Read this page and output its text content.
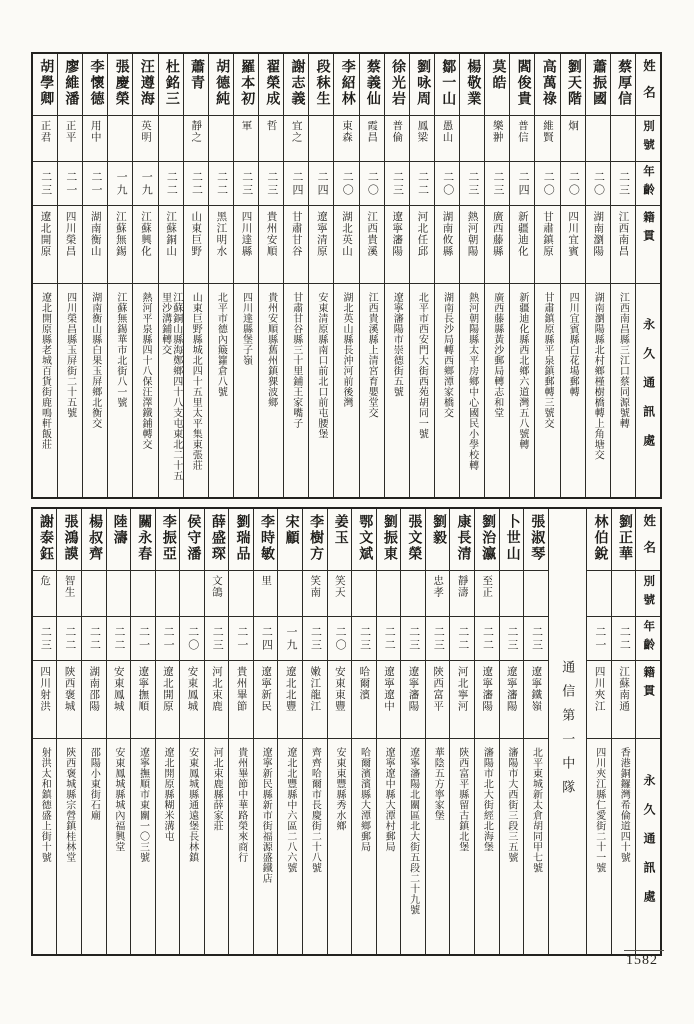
姓名
別號
年齡
籍貫
永久通訊處
蔡厚信
二三
江西南昌
江西南昌縣三江口蔡同源號轉
蕭振國
二〇
湖南瀏陽
湖南瀏陽縣北村鄉槿樹橋轉上角塘交
劉天階
炯
二〇
四川宜賓
四川宜賓縣白花場郵轉
高萬祿
維賢
二〇
甘肅鎮原
甘肅鎮原縣平泉鎮郵轉三號交
閻俊貴
普信
二四
新疆迪化
新疆迪化縣西北鄉六道灣五八號轉
莫皓
樂翀
二三
廣西藤縣
廣西藤縣黃沙郵局轉志和堂
楊敬業
二三
熱河朝陽
熱河朝陽縣太平房鄉中心國民小學校轉
鄒一山
愚山
二〇
湖南攸縣
湖南長沙局轉西鄉潭家橋交
劉咏周
鳳梁
二二
河北任邱
北平市西安門大街西苑胡同一號
徐光岩
普倫
二三
遼寧瀋陽
遼寧瀋陽市崇德街五號
蔡義仙
霞昌
二〇
江西貴溪
江西貴溪縣上清宮育嬰堂交
李紹林
東森
二〇
湖北英山
湖北英山縣長沖河前後灣
段秣生
二四
遼寧清原
安東清原縣南口前北口前屯腰堡
謝志義
宜之
二四
甘肅甘谷
甘肅甘谷縣三十里鋪王家嘴子
翟榮成
哲
二三
貴州安順
貴州安順縣舊州鎮猓波鄉
羅本初
軍
二三
四川達縣
四川達縣堡子嶺
胡德純
二二
黑江明水
北平市德內簸籮倉八號
蕭青
靜之
二二
山東巨野
山東巨野縣城北四十五里太平集東張莊
杜銘三
二二
江蘇銅山
江蘇銅山縣海鄭鄉四十八支屯東北二十五里沙溝鋪轉交
汪遵海
英明
一九
江蘇興化
熱河平泉縣四十八保汪澤鐵鋪轉交
張慶榮
一九
江蘇無錫
江蘇無錫華市北街八一號
李懷德
用中
二一
湖南衡山
湖南衡山縣白果玉屏鄉北衡交
廖維潘
正平
二一
四川榮昌
四川榮昌縣玉屏街二十五號
胡學卿
正君
二三
遼北開原
遼北開原縣老城百貨街鹿鳴軒飯莊
姓名
別號
年齡
籍貫
永久通訊處
劉正華
二二
江蘇南通
香港銅鑼灣希倫道四十號
林伯銳
二一
四川夾江
四川夾江縣仁愛街二十一號
通信第一中隊
張淑琴
二三
遼寧鐵嶺
北平東城新太倉胡同甲七號
卜世山
二三
遼寧瀋陽
瀋陽市大西街三段三五號
劉治瀛
至正
二二
遼寧瀋陽
瀋陽市北大街經北海堡
康長清
靜濤
二二
河北寧河
陝西富平縣留古鎮北堡
劉毅
忠孝
二三
陝西富平
華陰五方寧家堡
張文榮
二三
遼寧瀋陽
遼寧瀋陽北關區北大街五段二十九號
劉振東
二二
遼寧遼中
遼寧遼中縣大潭村郵局
鄂文斌
二三
哈爾濱
哈爾濱濱縣大潭鄉郵局
姜玉
笑天
二〇
安東東豐
安東東豐縣秀水鄉
李樹方
笑南
二三
嫩江龍江
齊齊哈爾市長慶街二十八號
宋顧
一九
遼北北豐
遼北北豐縣中六區二八六號
李時敏
里
二四
遼寧新民
遼寧新民縣新市街福源盛鐵店
劉瑞品
二一
貴州畢節
貴州畢節中華路榮來商行
薛盛琛
文鴿
二三
河北束鹿
河北束鹿縣薛家莊
侯守潘
二〇
安東鳳城
安東鳳城縣通遠堡長林鎮
李振亞
二一
遼北開原
遼北開原縣糊米溝屯
關永春
二一
遼寧撫順
遼寧撫順市東關一〇三號
陸濤
二二
安東鳳城
安東鳳城縣城內福興堂
楊叔齊
二二
湖南邵陽
邵陽小東街石廟
張鴻謨
智生
二二
陝西褒城
陝西褒城縣宗營鎮桂林堂
謝泰鈺
危
二三
四川射洪
射洪太和鎮德盛上街十號
1582
